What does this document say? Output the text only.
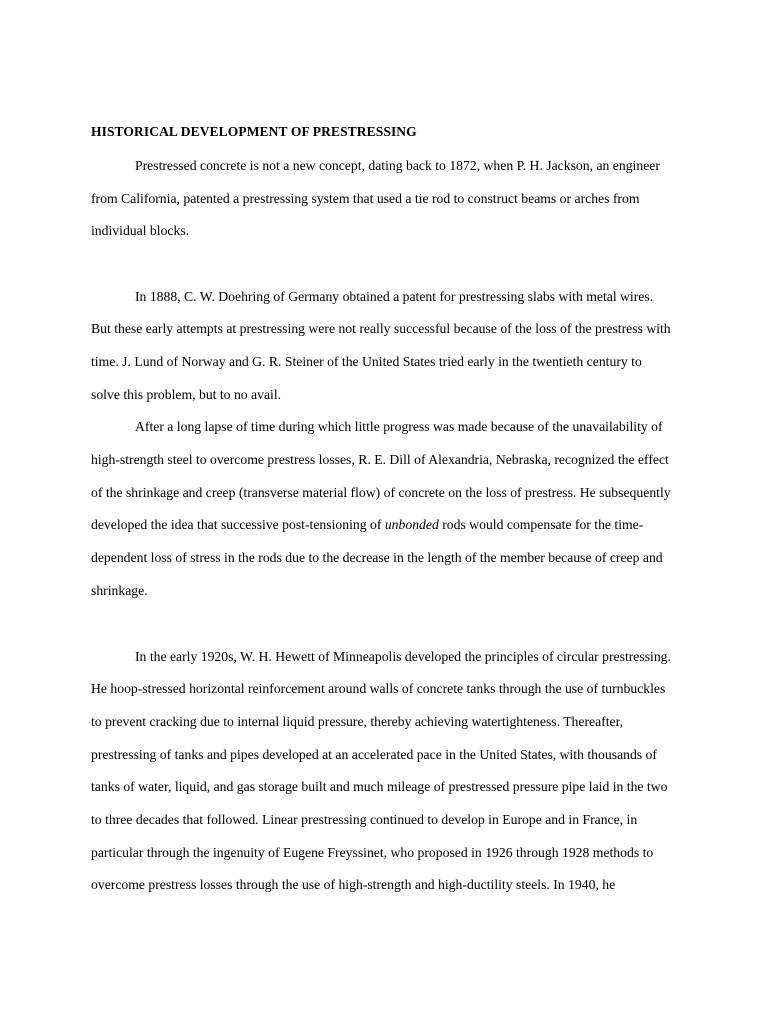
HISTORICAL DEVELOPMENT OF PRESTRESSING
Prestressed concrete is not a new concept, dating back to 1872, when P. H. Jackson, an engineer
from California, patented a prestressing system that used a tie rod to construct beams or arches from
individual blocks.
In 1888, C. W. Doehring of Germany obtained a patent for prestressing slabs with metal wires.
But these early attempts at prestressing were not really successful because of the loss of the prestress with
time. J. Lund of Norway and G. R. Steiner of the United States tried early in the twentieth century to
solve this problem, but to no avail.
After a long lapse of time during which little progress was made because of the unavailability of
high-strength steel to overcome prestress losses, R. E. Dill of Alexandria, Nebraska, recognized the effect
of the shrinkage and creep (transverse material flow) of concrete on the loss of prestress. He subsequently
developed the idea that successive post-tensioning of unbonded rods would compensate for the time-
dependent loss of stress in the rods due to the decrease in the length of the member because of creep and
shrinkage.
In the early 1920s, W. H. Hewett of Minneapolis developed the principles of circular prestressing.
He hoop-stressed horizontal reinforcement around walls of concrete tanks through the use of turnbuckles
to prevent cracking due to internal liquid pressure, thereby achieving watertighteness. Thereafter,
prestressing of tanks and pipes developed at an accelerated pace in the United States, with thousands of
tanks of water, liquid, and gas storage built and much mileage of prestressed pressure pipe laid in the two
to three decades that followed. Linear prestressing continued to develop in Europe and in France, in
particular through the ingenuity of Eugene Freyssinet, who proposed in 1926 through 1928 methods to
overcome prestress losses through the use of high-strength and high-ductility steels. In 1940, he
